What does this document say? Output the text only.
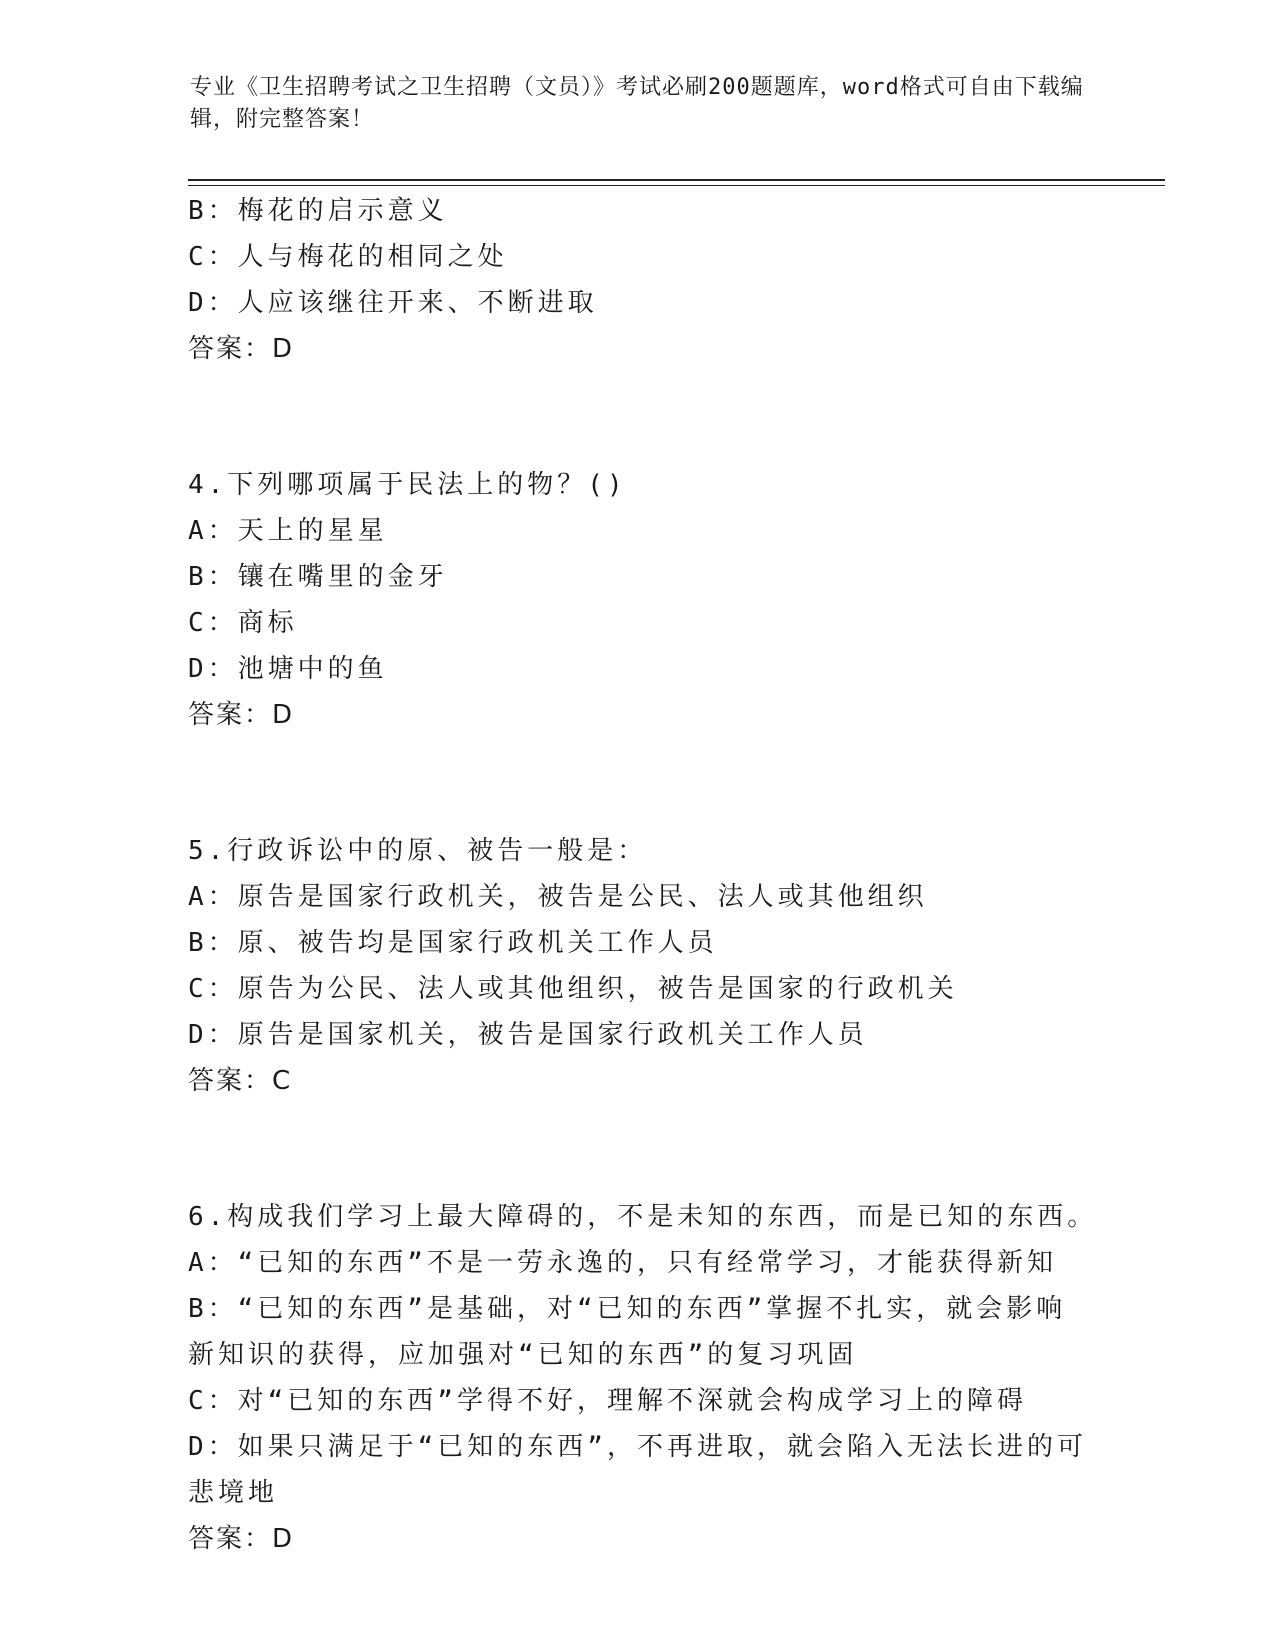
专业《卫生招聘考试之卫生招聘（文员）》考试必刷200题题库，word格式可自由下载编辑，附完整答案！
B：梅花的启示意义
C：人与梅花的相同之处
D：人应该继往开来、不断进取
答案：D
4.下列哪项属于民法上的物？()
A：天上的星星
B：镶在嘴里的金牙
C：商标
D：池塘中的鱼
答案：D
5.行政诉讼中的原、被告一般是：
A：原告是国家行政机关，被告是公民、法人或其他组织
B：原、被告均是国家行政机关工作人员
C：原告为公民、法人或其他组织，被告是国家的行政机关
D：原告是国家机关，被告是国家行政机关工作人员
答案：C
6.构成我们学习上最大障碍的，不是未知的东西，而是已知的东西。
A：“已知的东西”不是一劳永逸的，只有经常学习，才能获得新知
B：“已知的东西”是基础，对“已知的东西”掌握不扎实，就会影响新知识的获得，应加强对“已知的东西”的复习巩固
C：对“已知的东西”学得不好，理解不深就会构成学习上的障碍
D：如果只满足于“已知的东西”，不再进取，就会陷入无法长进的可悲境地
答案：D
